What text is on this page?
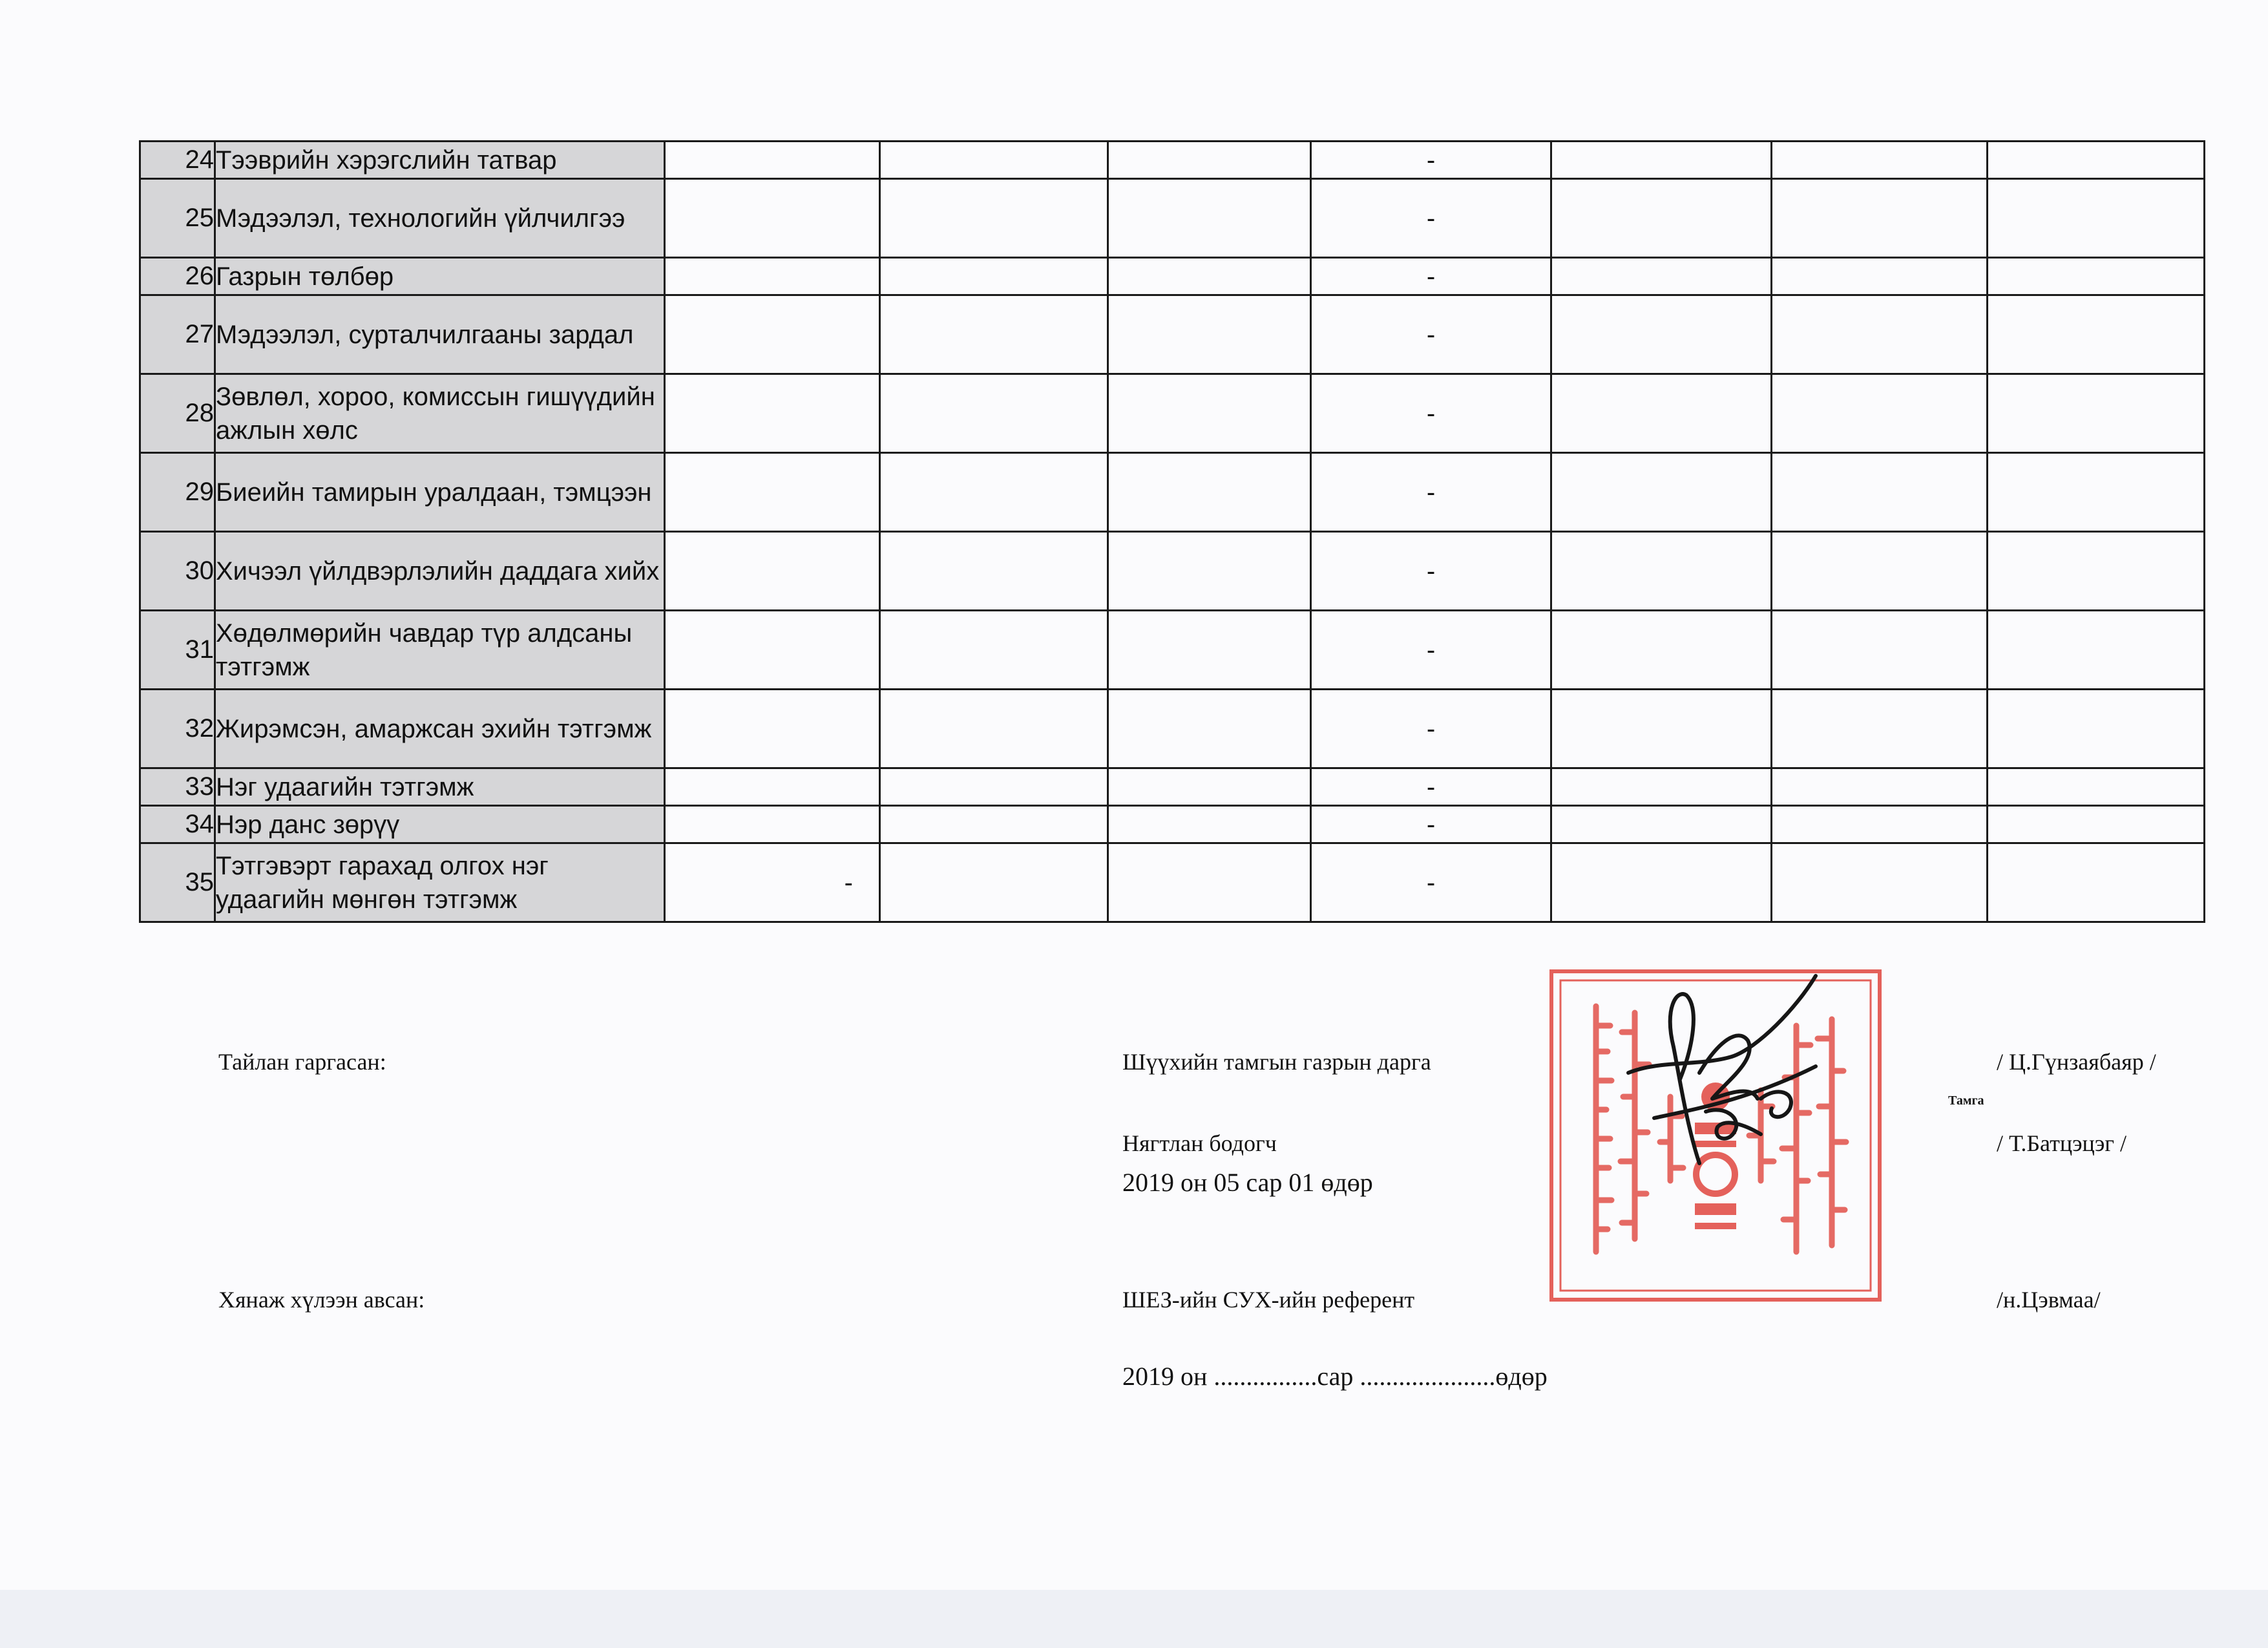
24	Тээврийн хэрэгслийн татвар				-			
25	Мэдээлэл, технологийн үйлчилгээ				-			
26	Газрын төлбөр				-			
27	Мэдээлэл, сурталчилгааны зардал				-			
28	Зөвлөл, хороо, комиссын гишүүдийн ажлын хөлс				-			
29	Биеийн тамирын уралдаан, тэмцээн				-			
30	Хичээл үйлдвэрлэлийн даддага хийх				-			
31	Хөдөлмөрийн чавдар түр алдсаны тэтгэмж				-			
32	Жирэмсэн, амаржсан эхийн тэтгэмж				-			
33	Нэг удаагийн тэтгэмж				-			
34	Нэр данс зөрүү				-			
35	Тэтгэвэрт гарахад олгох нэг удаагийн мөнгөн тэтгэмж	-			-			
Тайлан гаргасан:
Хянаж хүлээн авсан:
Шүүхийн тамгын газрын дарга	/ Ц.Гүнзаябаяр /
Тамга
Нягтлан бодогч	/ Т.Батцэцэг /
2019 он 05 сар 01 өдөр
ШЕЗ-ийн СУХ-ийн референт	/н.Цэвмаа/
2019 он ................сар .....................өдөр
